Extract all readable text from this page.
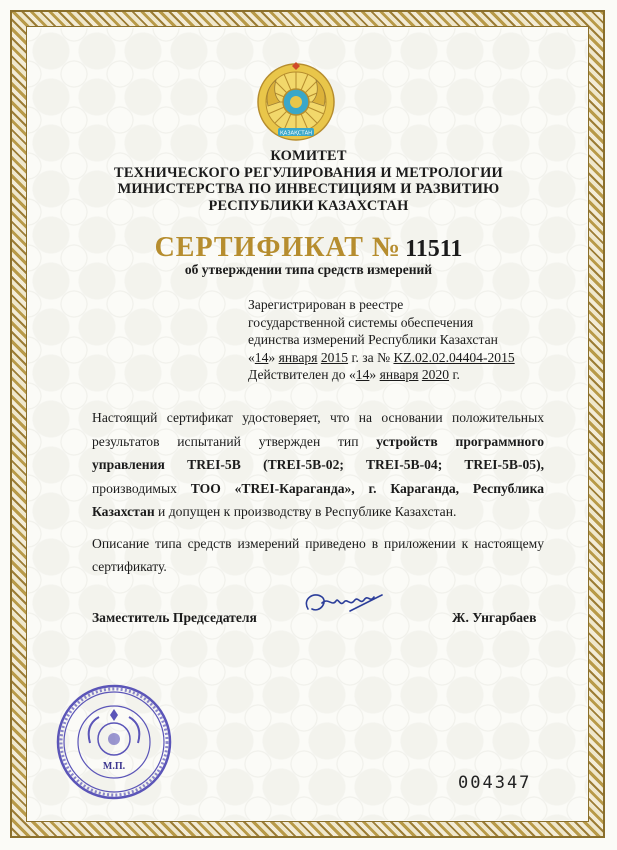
ҚАЗАҚСТАН
КОМИТЕТ
ТЕХНИЧЕСКОГО РЕГУЛИРОВАНИЯ И МЕТРОЛОГИИ
МИНИСТЕРСТВА ПО ИНВЕСТИЦИЯМ И РАЗВИТИЮ
РЕСПУБЛИКИ КАЗАХСТАН
СЕРТИФИКАТ № 11511
об утверждении типа средств измерений
Зарегистрирован в реестре
государственной системы обеспечения
единства измерений Республики Казахстан
«14» января 2015 г. за № KZ.02.02.04404-2015
Действителен до «14» января 2020 г.
Настоящий сертификат удостоверяет, что на основании положительных результатов испытаний утвержден тип устройств программного управления TREI-5B (TREI-5B-02; TREI-5B-04; TREI-5B-05), производимых ТОО «TREI-Караганда», г. Караганда, Республика Казахстан и допущен к производству в Республике Казахстан.
Описание типа средств измерений приведено в приложении к настоящему сертификату.
Заместитель Председателя	Ж. Унгарбаев
М.П.
004347
